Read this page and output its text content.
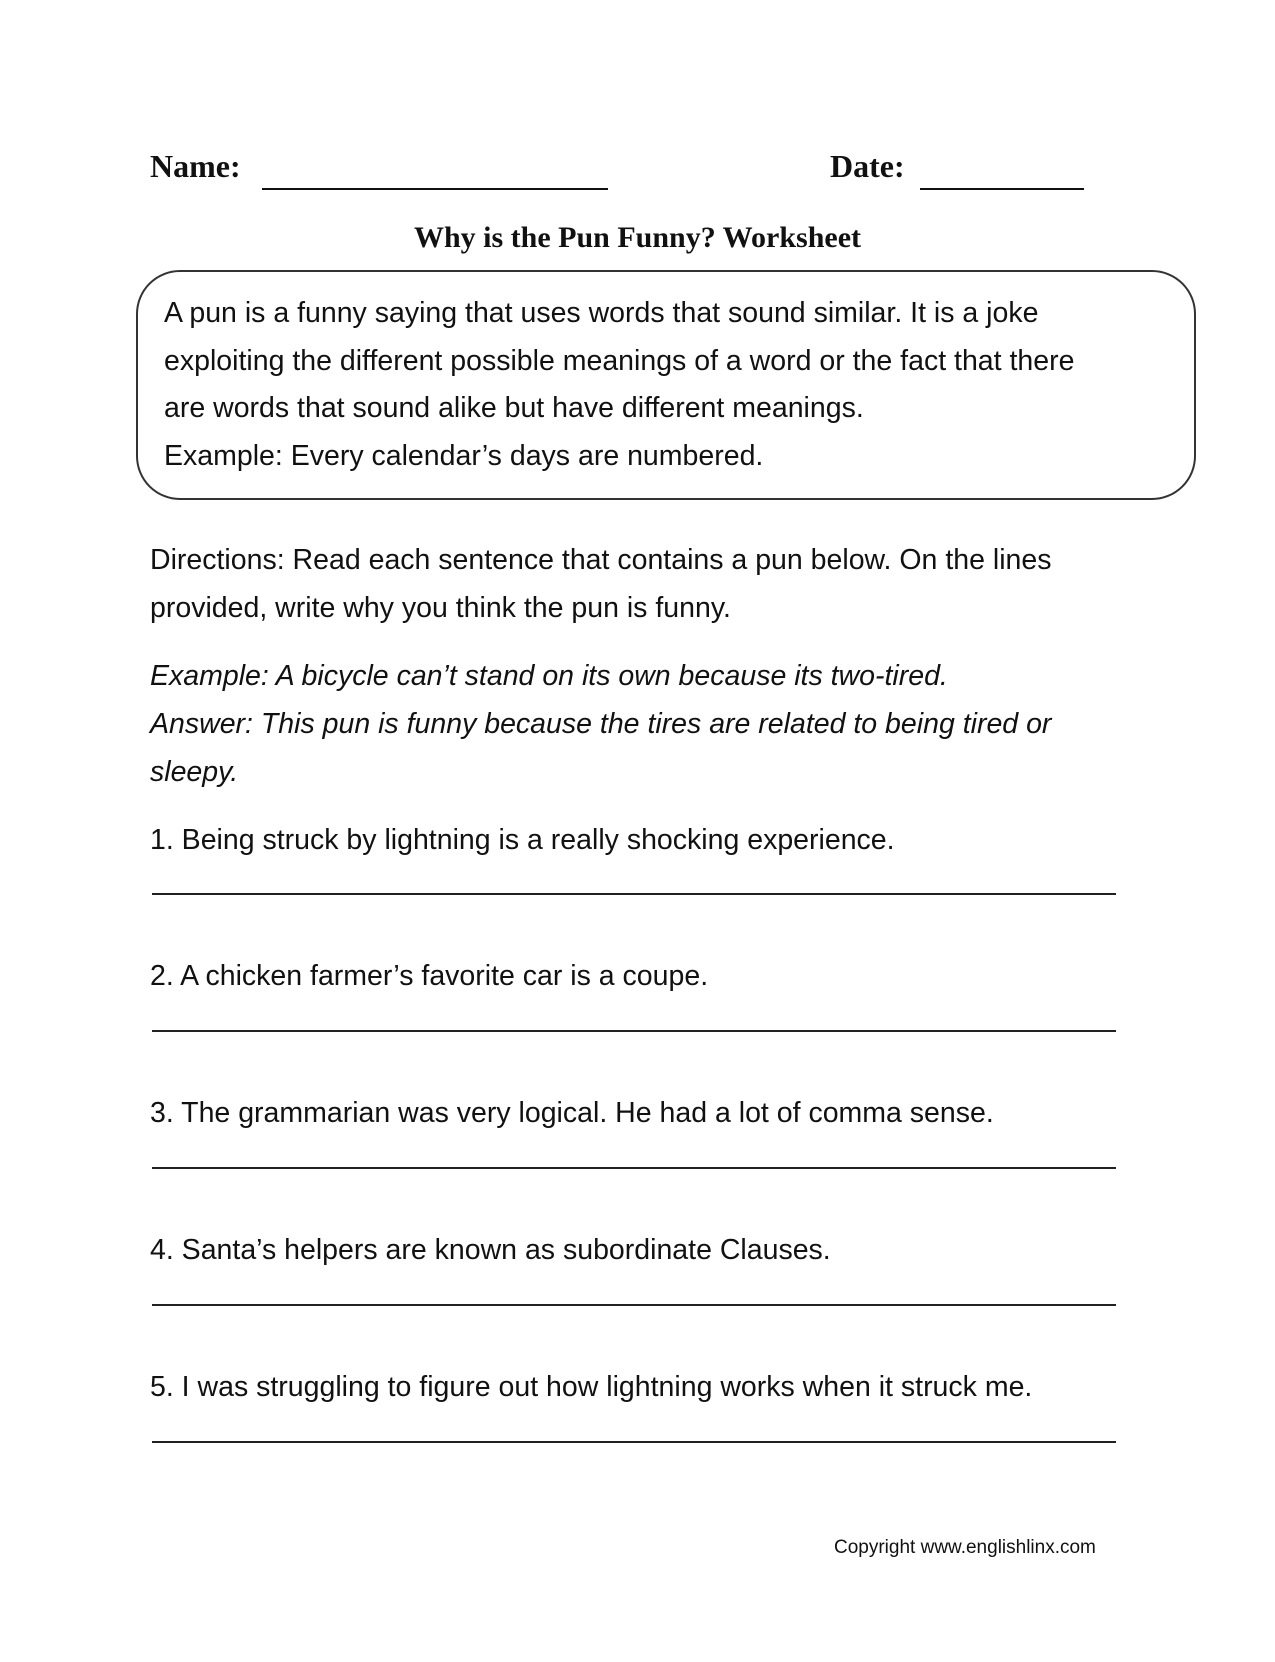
Name:	Date:
Why is the Pun Funny? Worksheet
A pun is a funny saying that uses words that sound similar. It is a joke
exploiting the different possible meanings of a word or the fact that there
are words that sound alike but have different meanings.
Example: Every calendar’s days are numbered.
Directions: Read each sentence that contains a pun below. On the lines
provided, write why you think the pun is funny.
Example: A bicycle can’t stand on its own because its two-tired.
Answer: This pun is funny because the tires are related to being tired or
sleepy.
1. Being struck by lightning is a really shocking experience.
2. A chicken farmer’s favorite car is a coupe.
3. The grammarian was very logical. He had a lot of comma sense.
4. Santa’s helpers are known as subordinate Clauses.
5. I was struggling to figure out how lightning works when it struck me.
Copyright www.englishlinx.com
